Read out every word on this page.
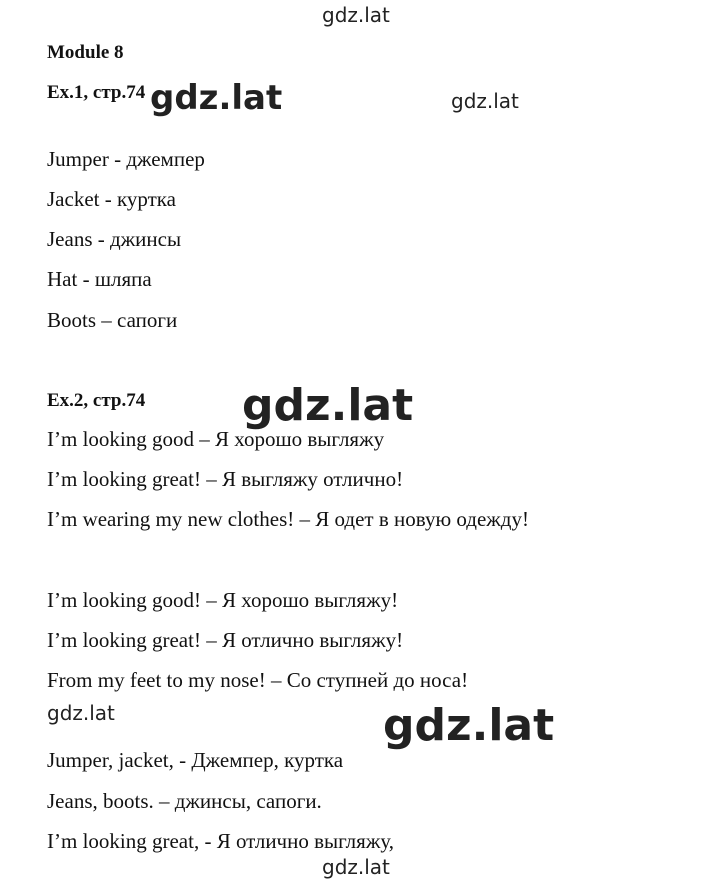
gdz.lat
gdz.lat	gdz.lat
gdz.lat
gdz.lat	gdz.lat
gdz.lat
Module 8
Ex.1, стр.74
Jumper - джемпер
Jacket - куртка
Jeans - джинсы
Hat - шляпа
Boots – сапоги
Ex.2, стр.74
I’m looking good – Я хорошо выгляжу
I’m looking great! – Я выгляжу отлично!
I’m wearing my new clothes! – Я одет в новую одежду!
I’m looking good! – Я хорошо выгляжу!
I’m looking great! – Я отлично выгляжу!
From my feet to my nose! – Со ступней до носа!
Jumper, jacket, - Джемпер, куртка
Jeans, boots. – джинсы, сапоги.
I’m looking great, - Я отлично выгляжу,
